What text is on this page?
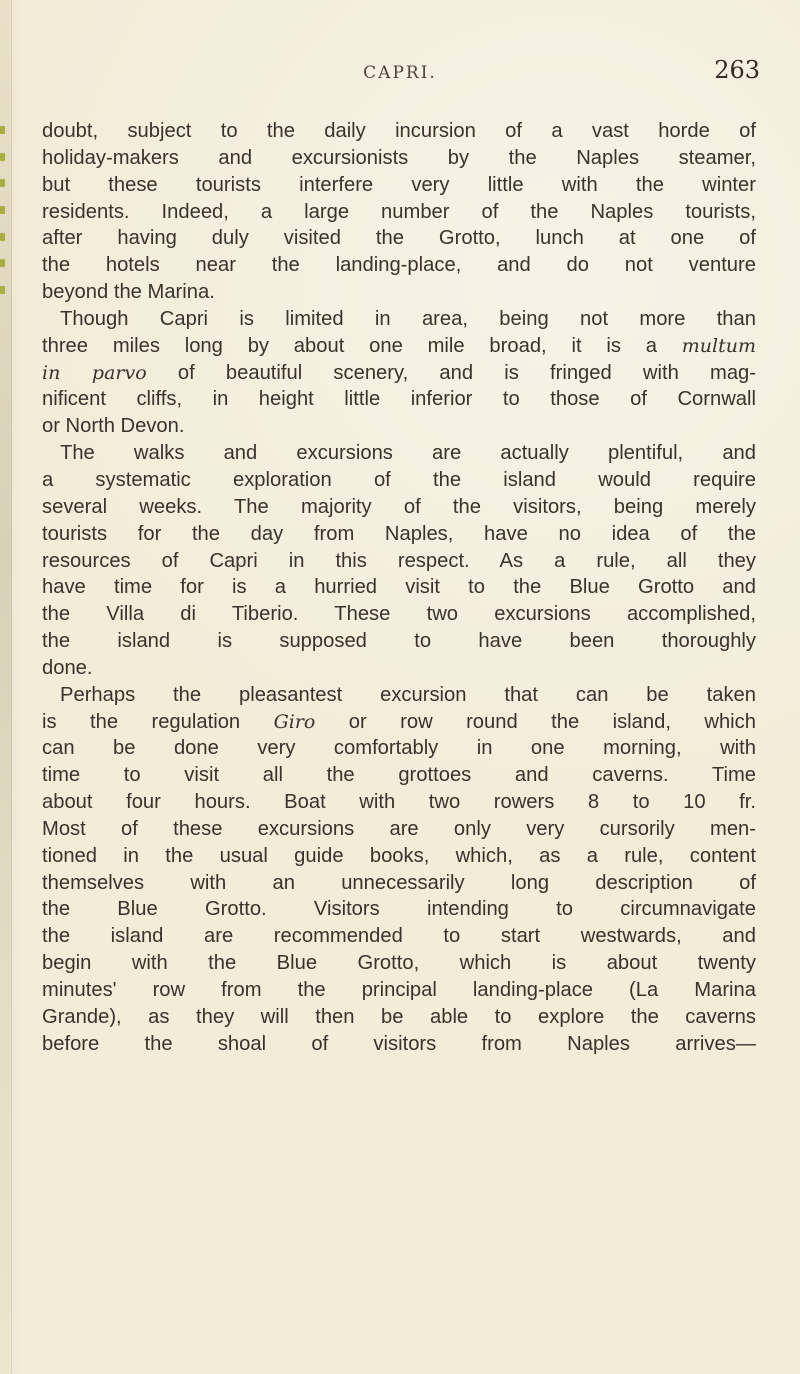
CAPRI.	263
doubt, subject to the daily incursion of a vast horde of
holiday-makers and excursionists by the Naples steamer,
but these tourists interfere very little with the winter
residents. Indeed, a large number of the Naples tourists,
after having duly visited the Grotto, lunch at one of
the hotels near the landing-place, and do not venture
beyond the Marina.
Though Capri is limited in area, being not more than
three miles long by about one mile broad, it is a multum
in parvo of beautiful scenery, and is fringed with mag-
nificent cliffs, in height little inferior to those of Cornwall
or North Devon.
The walks and excursions are actually plentiful, and
a systematic exploration of the island would require
several weeks. The majority of the visitors, being merely
tourists for the day from Naples, have no idea of the
resources of Capri in this respect. As a rule, all they
have time for is a hurried visit to the Blue Grotto and
the Villa di Tiberio. These two excursions accomplished,
the island is supposed to have been thoroughly
done.
Perhaps the pleasantest excursion that can be taken
is the regulation Giro or row round the island, which
can be done very comfortably in one morning, with
time to visit all the grottoes and caverns. Time
about four hours. Boat with two rowers 8 to 10 fr.
Most of these excursions are only very cursorily men-
tioned in the usual guide books, which, as a rule, content
themselves with an unnecessarily long description of
the Blue Grotto. Visitors intending to circumnavigate
the island are recommended to start westwards, and
begin with the Blue Grotto, which is about twenty
minutes' row from the principal landing-place (La Marina
Grande), as they will then be able to explore the caverns
before the shoal of visitors from Naples arrives—
